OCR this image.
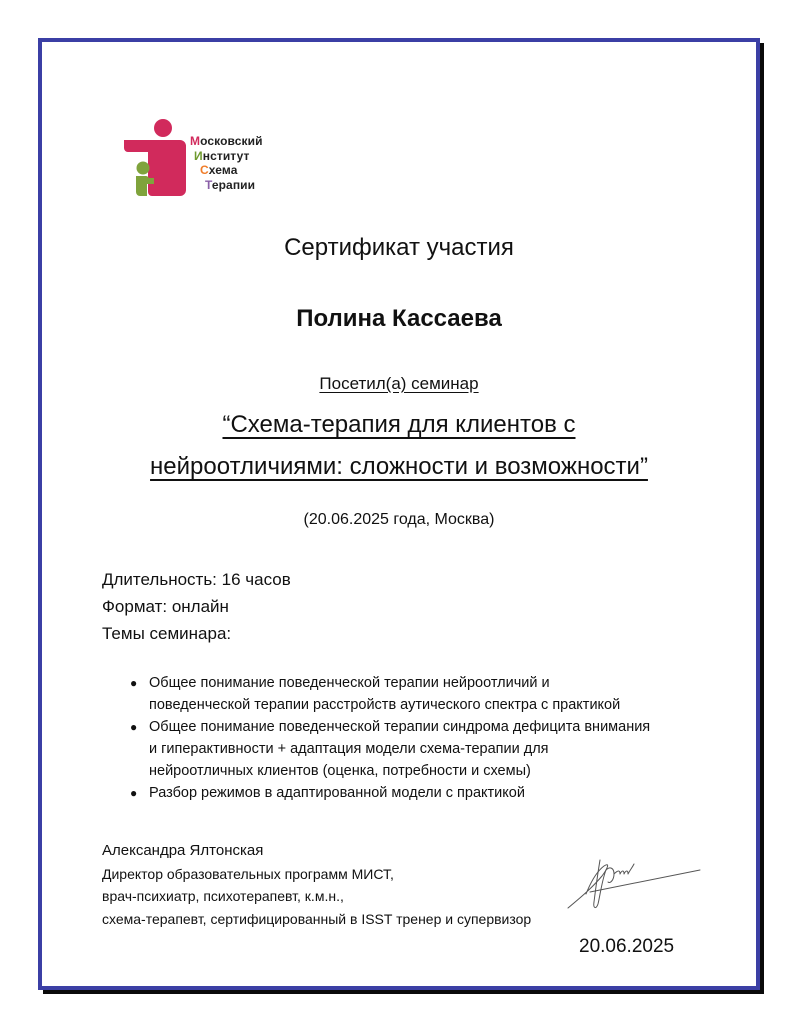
Московский
Институт
Схема
Терапии
Сертификат участия
Полина Кассаева
Посетил(а) семинар
“Схема-терапия для клиентов с
нейроотличиями: сложности и возможности”
(20.06.2025 года, Москва)
Длительность: 16 часов
Формат: онлайн
Темы семинара:
● Общее понимание поведенческой терапии нейроотличий и
поведенческой терапии расстройств аутического спектра с практикой
● Общее понимание поведенческой терапии синдрома дефицита внимания
и гиперактивности + адаптация модели схема-терапии для
нейроотличных клиентов (оценка, потребности и схемы)
● Разбор режимов в адаптированной модели с практикой
Александра Ялтонская
Директор образовательных программ МИСТ,
врач-психиатр, психотерапевт, к.м.н.,
схема-терапевт, сертифицированный в ISST тренер и супервизор
20.06.2025
